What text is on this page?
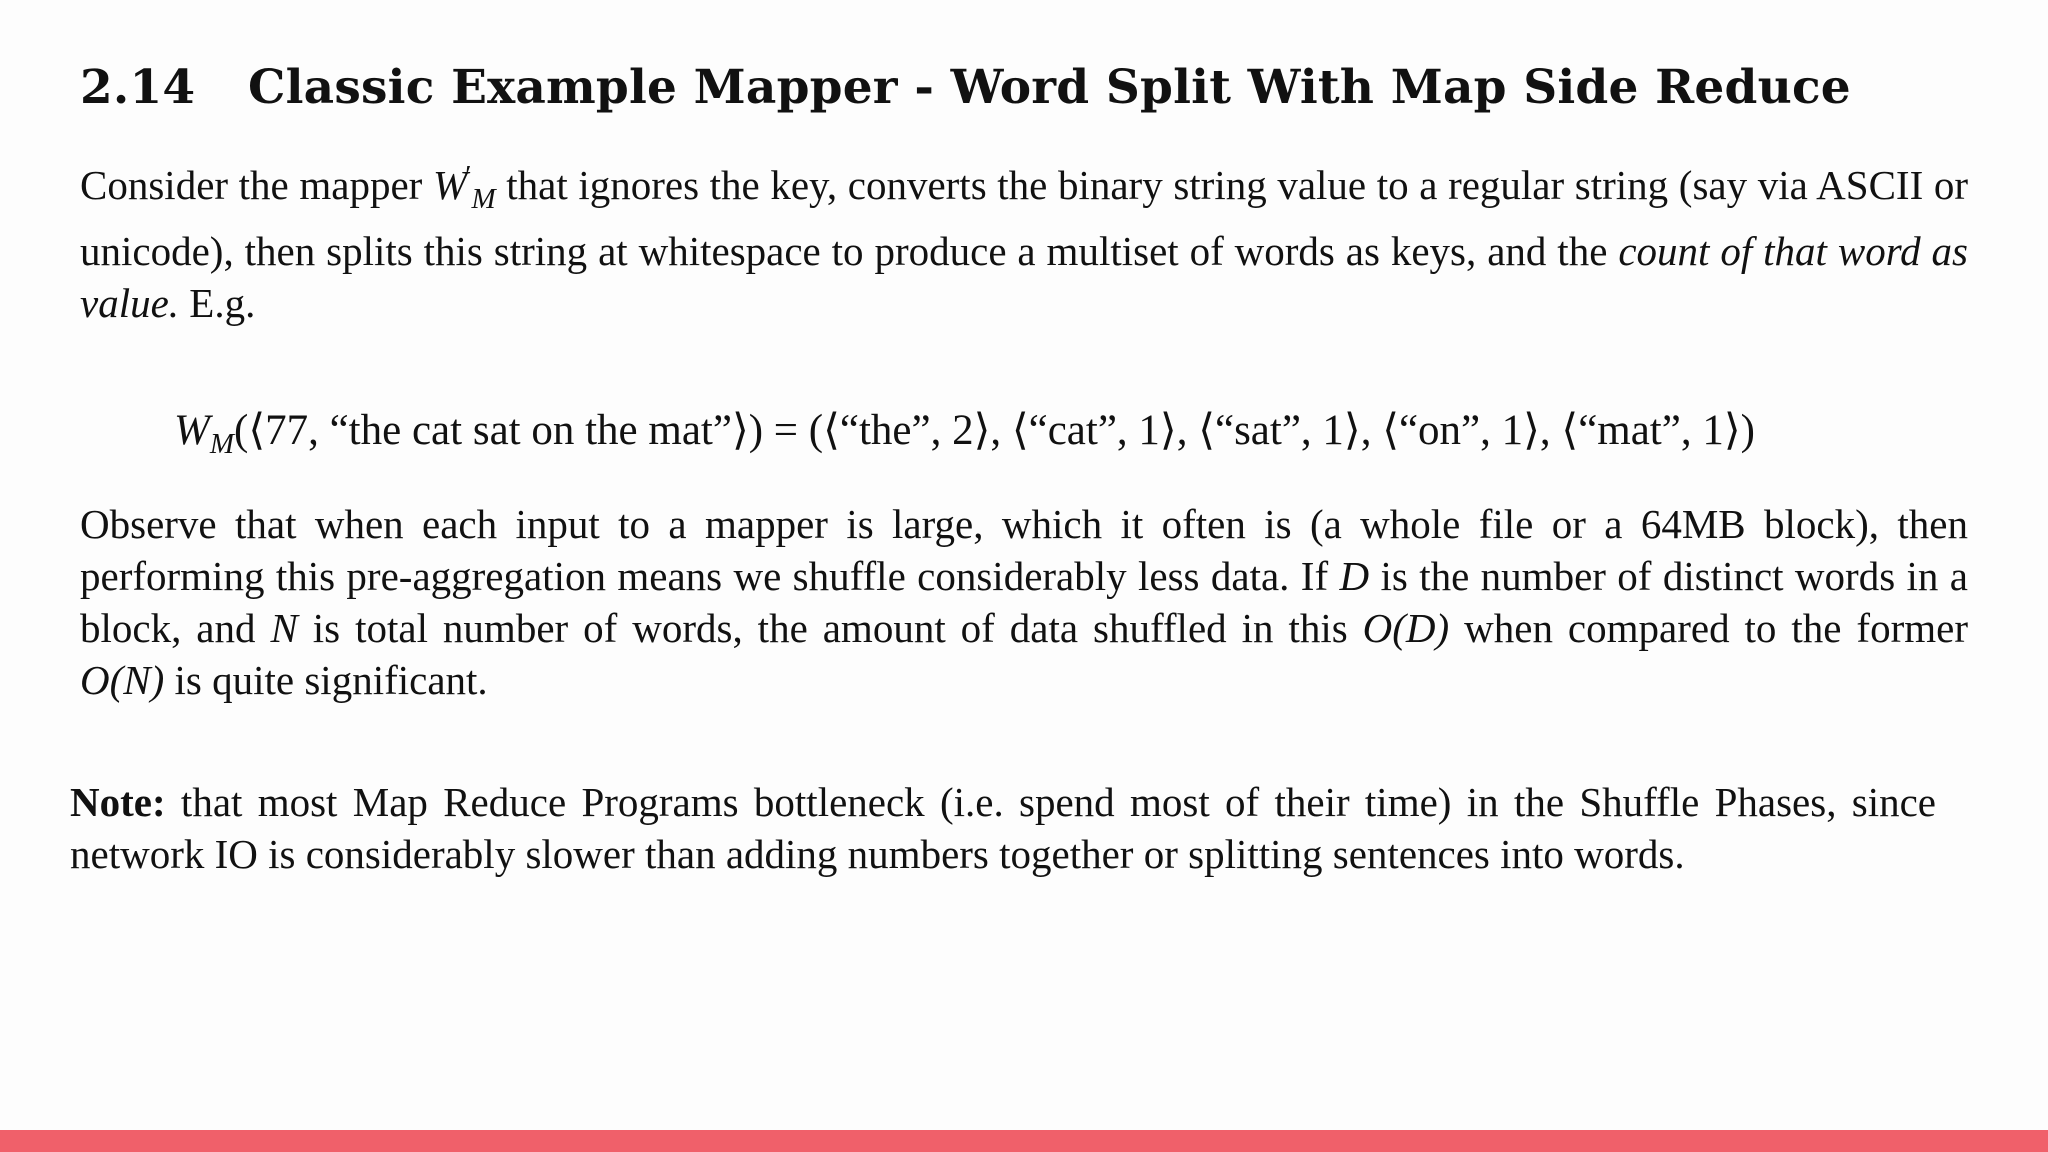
2.14 Classic Example Mapper - Word Split With Map Side Reduce

Consider the mapper $W'_M$ that ignores the key, converts the binary string value to a regular string (say via ASCII or unicode), then splits this string at whitespace to produce a multiset of words as keys, and the count of that word as value. E.g.

$W_M(⟨77$, “the cat sat on the mat”⟩) = (⟨“the”, 2⟩, ⟨“cat”, 1⟩, ⟨“sat”, 1⟩, ⟨“on”, 1⟩, ⟨“mat”, 1⟩)

Observe that when each input to a mapper is large, which it often is (a whole file or a 64MB block), then performing this pre-aggregation means we shuffle considerably less data. If D is the number of distinct words in a block, and N is total number of words, the amount of data shuffled in this O(D) when compared to the former O(N) is quite significant.

Note: that most Map Reduce Programs bottleneck (i.e. spend most of their time) in the Shuffle Phases, since network IO is considerably slower than adding numbers together or splitting sentences into words.
